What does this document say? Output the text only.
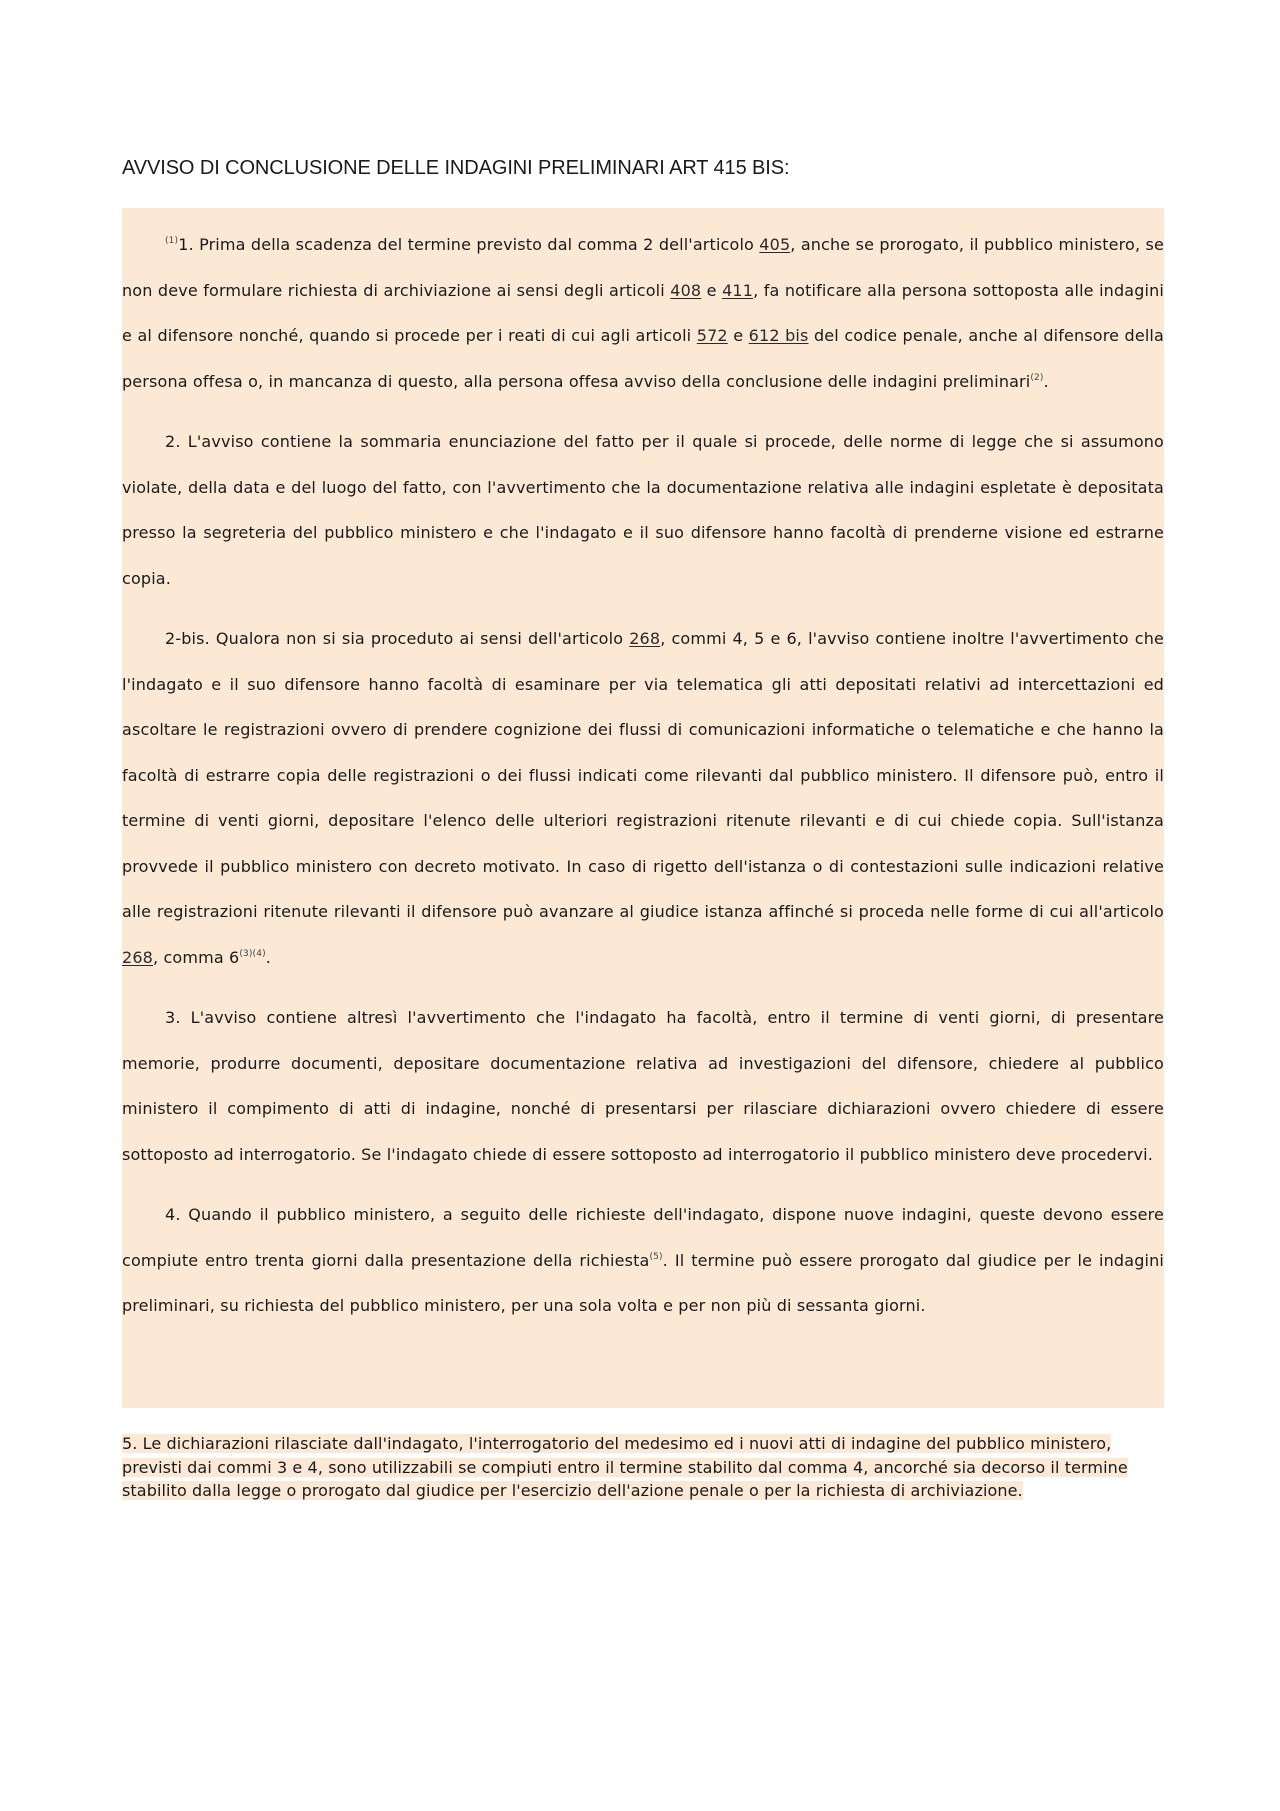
AVVISO DI CONCLUSIONE DELLE INDAGINI PRELIMINARI ART 415 BIS:

$^{(1)}$1. Prima della scadenza del termine previsto dal comma 2 dell'articolo 405, anche se prorogato, il pubblico ministero, se non deve formulare richiesta di archiviazione ai sensi degli articoli 408 e 411, fa notificare alla persona sottoposta alle indagini e al difensore nonché, quando si procede per i reati di cui agli articoli 572 e 612 bis del codice penale, anche al difensore della persona offesa o, in mancanza di questo, alla persona offesa avviso della conclusione delle indagini preliminari$^{(2)}$.

2. L'avviso contiene la sommaria enunciazione del fatto per il quale si procede, delle norme di legge che si assumono violate, della data e del luogo del fatto, con l'avvertimento che la documentazione relativa alle indagini espletate è depositata presso la segreteria del pubblico ministero e che l'indagato e il suo difensore hanno facoltà di prenderne visione ed estrarne copia.

2-bis. Qualora non si sia proceduto ai sensi dell'articolo 268, commi 4, 5 e 6, l'avviso contiene inoltre l'avvertimento che l'indagato e il suo difensore hanno facoltà di esaminare per via telematica gli atti depositati relativi ad intercettazioni ed ascoltare le registrazioni ovvero di prendere cognizione dei flussi di comunicazioni informatiche o telematiche e che hanno la facoltà di estrarre copia delle registrazioni o dei flussi indicati come rilevanti dal pubblico ministero. Il difensore può, entro il termine di venti giorni, depositare l'elenco delle ulteriori registrazioni ritenute rilevanti e di cui chiede copia. Sull'istanza provvede il pubblico ministero con decreto motivato. In caso di rigetto dell'istanza o di contestazioni sulle indicazioni relative alle registrazioni ritenute rilevanti il difensore può avanzare al giudice istanza affinché si proceda nelle forme di cui all'articolo 268, comma $6^{(3)(4)}$.

3. L'avviso contiene altresì l'avvertimento che l'indagato ha facoltà, entro il termine di venti giorni, di presentare memorie, produrre documenti, depositare documentazione relativa ad investigazioni del difensore, chiedere al pubblico ministero il compimento di atti di indagine, nonché di presentarsi per rilasciare dichiarazioni ovvero chiedere di essere sottoposto ad interrogatorio. Se l'indagato chiede di essere sottoposto ad interrogatorio il pubblico ministero deve procedervi.

4. Quando il pubblico ministero, a seguito delle richieste dell'indagato, dispone nuove indagini, queste devono essere compiute entro trenta giorni dalla presentazione della richiesta$^{(5)}$. Il termine può essere prorogato dal giudice per le indagini preliminari, su richiesta del pubblico ministero, per una sola volta e per non più di sessanta giorni.

5. Le dichiarazioni rilasciate dall'indagato, l'interrogatorio del medesimo ed i nuovi atti di indagine del pubblico ministero, previsti dai commi 3 e 4, sono utilizzabili se compiuti entro il termine stabilito dal comma 4, ancorché sia decorso il termine stabilito dalla legge o prorogato dal giudice per l'esercizio dell'azione penale o per la richiesta di archiviazione.
